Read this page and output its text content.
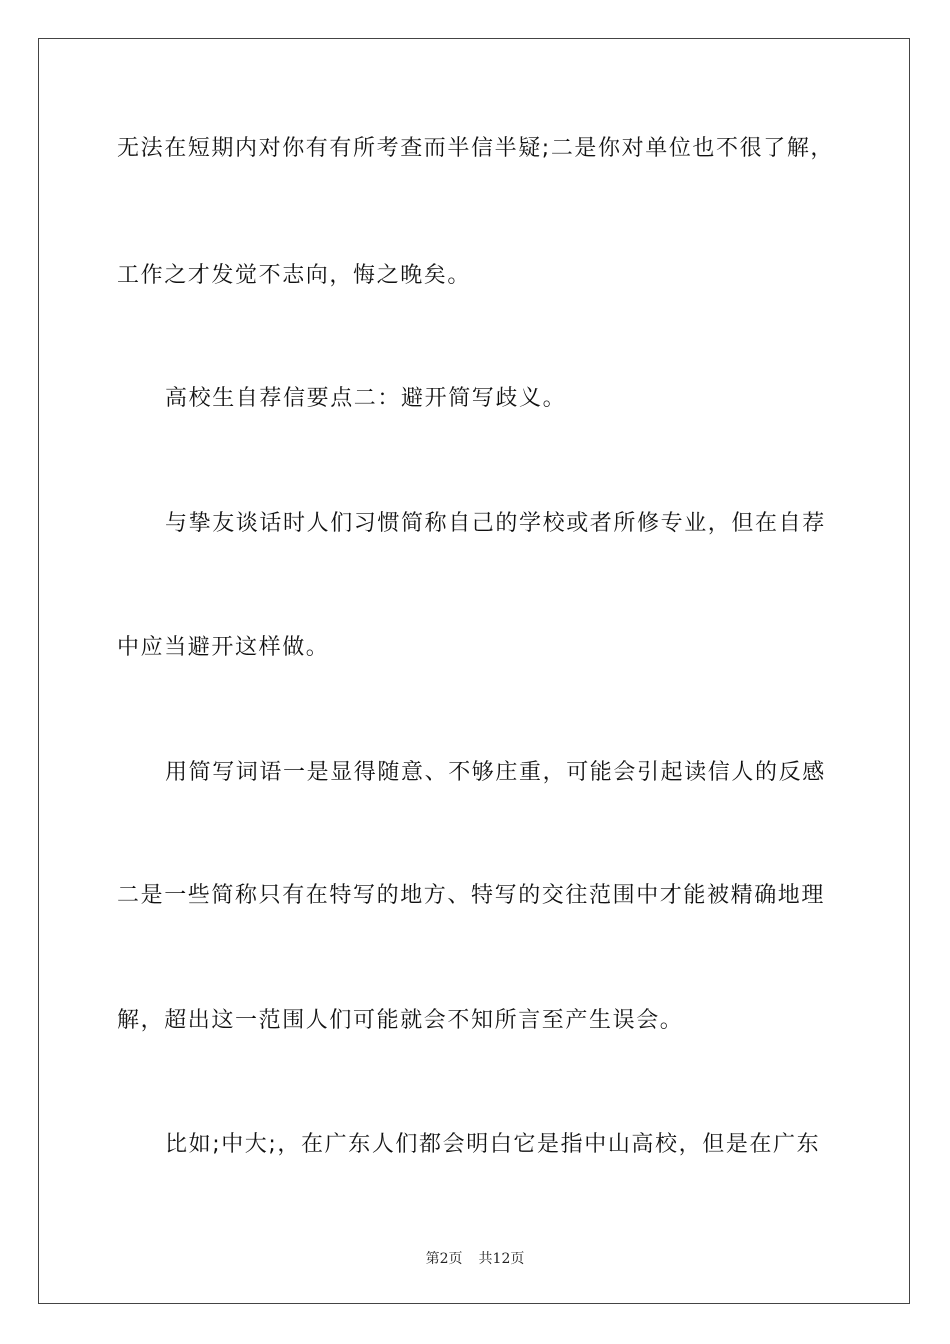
无法在短期内对你有有所考查而半信半疑;二是你对单位也不很了解，
工作之才发觉不志向，悔之晚矣。
高校生自荐信要点二：避开简写歧义。
与挚友谈话时人们习惯简称自己的学校或者所修专业，但在自荐
中应当避开这样做。
用简写词语一是显得随意、不够庄重，可能会引起读信人的反感
二是一些简称只有在特写的地方、特写的交往范围中才能被精确地理
解，超出这一范围人们可能就会不知所言至产生误会。
比如;中大;，在广东人们都会明白它是指中山高校，但是在广东
第2页 共12页
